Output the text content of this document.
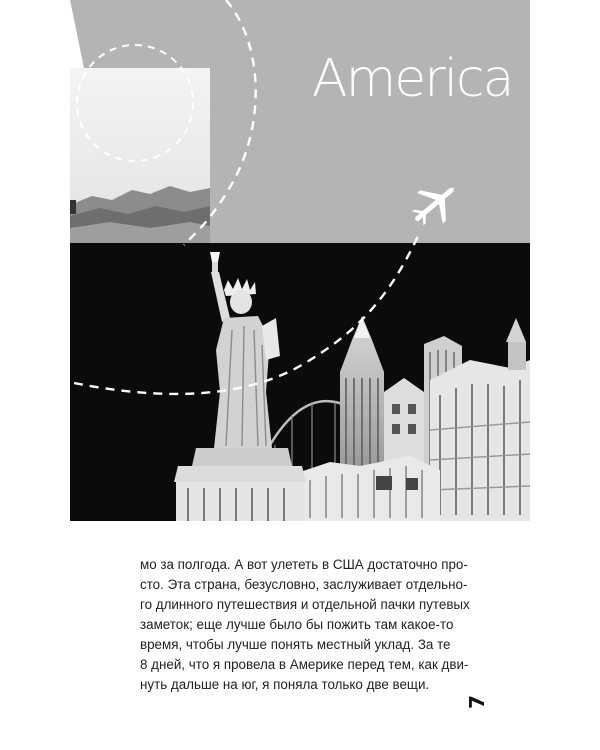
America

мо за полгода. А вот улететь в США достаточно про-
сто. Эта страна, безусловно, заслуживает отдельно-
го длинного путешествия и отдельной пачки путевых
заметок; еще лучше было бы пожить там какое-то
время, чтобы лучше понять местный уклад. За те
8 дней, что я провела в Америке перед тем, как дви-
нуть дальше на юг, я поняла только две вещи.

7
